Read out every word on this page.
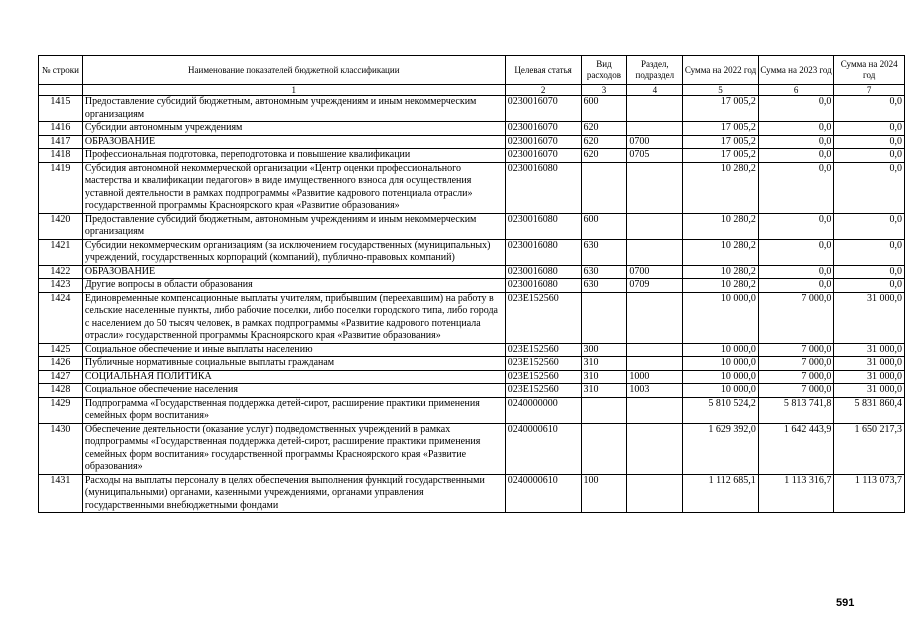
№ строки	Наименование показателей бюджетной классификации	Целевая статья	Вид расходов	Раздел, подраздел	Сумма на 2022 год	Сумма на 2023 год	Сумма на 2024 год
	1	2	3	4	5	6	7
1415	Предоставление субсидий бюджетным, автономным учреждениям и иным некоммерческим организациям	0230016070	600		17 005,2	0,0	0,0
1416	Субсидии автономным учреждениям	0230016070	620		17 005,2	0,0	0,0
1417	ОБРАЗОВАНИЕ	0230016070	620	0700	17 005,2	0,0	0,0
1418	Профессиональная подготовка, переподготовка и повышение квалификации	0230016070	620	0705	17 005,2	0,0	0,0
1419	Субсидия автономной некоммерческой организации «Центр оценки профессионального мастерства и квалификации педагогов» в виде имущественного взноса для осуществления уставной деятельности в рамках подпрограммы «Развитие кадрового потенциала отрасли» государственной программы Красноярского края «Развитие образования»	0230016080			10 280,2	0,0	0,0
1420	Предоставление субсидий бюджетным, автономным учреждениям и иным некоммерческим организациям	0230016080	600		10 280,2	0,0	0,0
1421	Субсидии некоммерческим организациям (за исключением государственных (муниципальных) учреждений, государственных корпораций (компаний), публично-правовых компаний)	0230016080	630		10 280,2	0,0	0,0
1422	ОБРАЗОВАНИЕ	0230016080	630	0700	10 280,2	0,0	0,0
1423	Другие вопросы в области образования	0230016080	630	0709	10 280,2	0,0	0,0
1424	Единовременные компенсационные выплаты учителям, прибывшим (переехавшим) на работу в сельские населенные пункты, либо рабочие поселки, либо поселки городского типа, либо города с населением до 50 тысяч человек, в рамках подпрограммы «Развитие кадрового потенциала отрасли» государственной программы Красноярского края «Развитие образования»	023E152560			10 000,0	7 000,0	31 000,0
1425	Социальное обеспечение и иные выплаты населению	023E152560	300		10 000,0	7 000,0	31 000,0
1426	Публичные нормативные социальные выплаты гражданам	023E152560	310		10 000,0	7 000,0	31 000,0
1427	СОЦИАЛЬНАЯ ПОЛИТИКА	023E152560	310	1000	10 000,0	7 000,0	31 000,0
1428	Социальное обеспечение населения	023E152560	310	1003	10 000,0	7 000,0	31 000,0
1429	Подпрограмма «Государственная поддержка детей-сирот, расширение практики применения семейных форм воспитания»	0240000000			5 810 524,2	5 813 741,8	5 831 860,4
1430	Обеспечение деятельности (оказание услуг) подведомственных учреждений в рамках подпрограммы «Государственная поддержка детей-сирот, расширение практики применения семейных форм воспитания» государственной программы Красноярского края «Развитие образования»	0240000610			1 629 392,0	1 642 443,9	1 650 217,3
1431	Расходы на выплаты персоналу в целях обеспечения выполнения функций государственными (муниципальными) органами, казенными учреждениями, органами управления государственными внебюджетными фондами	0240000610	100		1 112 685,1	1 113 316,7	1 113 073,7
591
